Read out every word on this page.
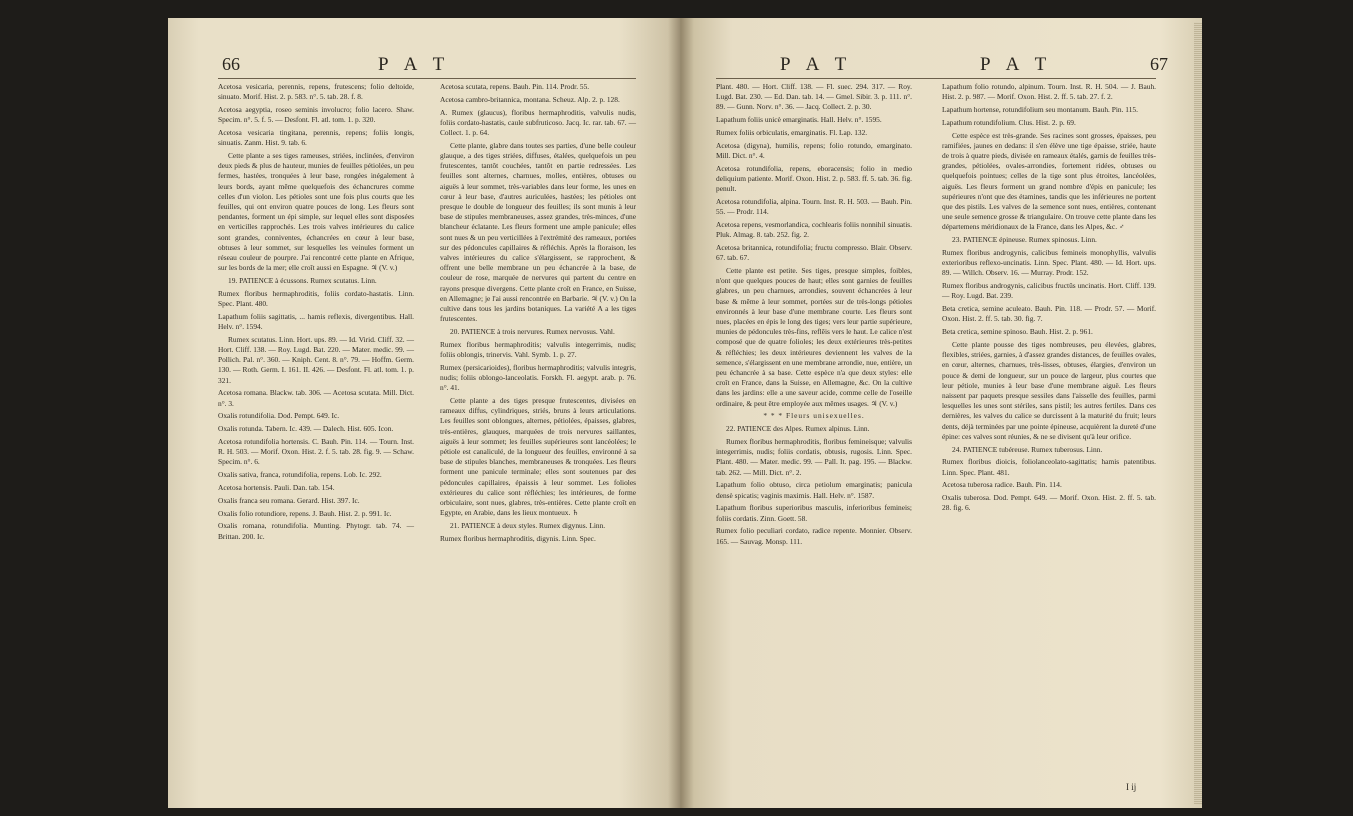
66	P A T

Acetosa vesicaria, perennis, repens, frutescens; folio deltoide, sinuato. Morif. Hist. 2. p. 583. n°. 5. tab. 28. f. 8.

Acetosa aegyptia, roseo seminis involucro; folio lacero. Shaw. Specim. n°. 5. f. 5. — Desfont. Fl. atl. tom. 1. p. 320.

Acetosa vesicaria tingitana, perennis, repens; foliis longis, sinuatis. Zanm. Hist. 9. tab. 6.

Cette plante a ses tiges rameuses, striées, inclinées, d'environ deux pieds & plus de hauteur, munies de feuilles pétiolées, un peu fermes, hastées, tronquées à leur base, rongées inégalement à leurs bords, ayant même quelquefois des échancrures comme celles d'un violon. Les pétioles sont une fois plus courts que les feuilles, qui ont environ quatre pouces de long. Les fleurs sont pendantes, forment un épi simple, sur lequel elles sont disposées en verticilles rapprochés. Les trois valves intérieures du calice sont grandes, conniventes, échancrées en cœur à leur base, obtuses à leur sommet, sur lesquelles les veinules forment un réseau couleur de pourpre. J'ai rencontré cette plante en Afrique, sur les bords de la mer; elle croît aussi en Espagne. ♃ (V. v.)

19. PATIENCE à écussons. Rumex scutatus. Linn.

Rumex floribus hermaphroditis, foliis cordato-hastatis. Linn. Spec. Plant. 480.

Lapathum foliis sagittatis, ... hamis reflexis, divergentibus. Hall. Helv. n°. 1594.

Rumex scutatus. Linn. Hort. ups. 89. — Id. Virid. Cliff. 32. — Hort. Cliff. 138. — Roy. Lugd. Bat. 220. — Mater. medic. 99. — Pollich. Pal. n°. 360. — Kniph. Cent. 8. n°. 79. — Hoffm. Germ. 130. — Roth. Germ. I. 161. II. 426. — Desfont. Fl. atl. tom. 1. p. 321.

Acetosa romana. Blackw. tab. 306. — Acetosa scutata. Mill. Dict. n°. 3.

Oxalis rotundifolia. Dod. Pempt. 649. Ic.

Oxalis rotunda. Tabern. Ic. 439. — Dalech. Hist. 605. Icon.

Acetosa rotundifolia hortensis. C. Bauh. Pin. 114. — Tourn. Inst. R. H. 503. — Morif. Oxon. Hist. 2. f. 5. tab. 28. fig. 9. — Schaw. Specim. n°. 6.

Oxalis sativa, franca, rotundifolia, repens. Lob. Ic. 292.

Acetosa hortensis. Pauli. Dan. tab. 154.

Oxalis franca seu romana. Gerard. Hist. 397. Ic.

Oxalis folio rotundiore, repens. J. Bauh. Hist. 2. p. 991. Ic.

Oxalis romana, rotundifolia. Munting. Phytogr. tab. 74. — Brittan. 200. Ic.

Acetosa scutata, repens. Bauh. Pin. 114. Prodr. 55.

Acetosa cambro-britannica, montana. Scheuz. Alp. 2. p. 128.

A. Rumex (glaucus), floribus hermaphroditis, valvulis nudis, foliis cordato-hastatis, caule subfruticoso. Jacq. Ic. rar. tab. 67. — Collect. 1. p. 64.

Cette plante, glabre dans toutes ses parties, d'une belle couleur glauque, a des tiges striées, diffuses, étalées, quelquefois un peu frutescentes, tantôt couchées, tantôt en partie redressées. Les feuilles sont alternes, charnues, molles, entières, obtuses ou aiguës à leur sommet, très-variables dans leur forme, les unes en cœur à leur base, d'autres auriculées, hastées; les pétioles ont presque le double de longueur des feuilles; ils sont munis à leur base de stipules membraneuses, assez grandes, très-minces, d'une blancheur éclatante. Les fleurs forment une ample panicule; elles sont nues & un peu verticillées à l'extrémité des rameaux, portées sur des pédoncules capillaires & réfléchis. Après la floraison, les valves intérieures du calice s'élargissent, se rapprochent, & offrent une belle membrane un peu échancrée à la base, de couleur de rose, marquée de nervures qui partent du centre en rayons presque divergens. Cette plante croît en France, en Suisse, en Allemagne; je l'ai aussi rencontrée en Barbarie. ♃ (V. v.) On la cultive dans tous les jardins botaniques. La variété A a les tiges frutescentes.

20. PATIENCE à trois nervures. Rumex nervosus. Vahl.

Rumex floribus hermaphroditis; valvulis integerrimis, nudis; foliis oblongis, trinervis. Vahl. Symb. 1. p. 27.

Rumex (persicarioides), floribus hermaphroditis; valvulis integris, nudis; foliis oblongo-lanceolatis. Forskh. Fl. aegypt. arab. p. 76. n°. 41.

Cette plante a des tiges presque frutescentes, divisées en rameaux diffus, cylindriques, striés, bruns à leurs articulations. Les feuilles sont oblongues, alternes, pétiolées, épaisses, glabres, très-entières, glauques, marquées de trois nervures saillantes, aiguës à leur sommet; les feuilles supérieures sont lancéolées; le pétiole est canaliculé, de la longueur des feuilles, environné à sa base de stipules blanches, membraneuses & tronquées. Les fleurs forment une panicule terminale; elles sont soutenues par des pédoncules capillaires, épaissis à leur sommet. Les folioles extérieures du calice sont réfléchies; les intérieures, de forme orbiculaire, sont nues, glabres, très-entières. Cette plante croît en Egypte, en Arabie, dans les lieux montueux. ♄

21. PATIENCE à deux styles. Rumex digynus. Linn.

Rumex floribus hermaphroditis, digynis. Linn. Spec.

P A T	P A T	67

Plant. 480. — Hort. Cliff. 138. — Fl. suec. 294. 317. — Roy. Lugd. Bat. 230. — Ed. Dan. tab. 14. — Gmel. Sibir. 3. p. 111. n°. 89. — Gunn. Norv. n°. 36. — Jacq. Collect. 2. p. 30.

Lapathum foliis unicè emarginatis. Hall. Helv. n°. 1595.

Rumex foliis orbiculatis, emarginatis. Fl. Lap. 132.

Acetosa (digyna), humilis, repens; folio rotundo, emarginato. Mill. Dict. n°. 4.

Acetosa rotundifolia, repens, eboracensis; folio in medio deliquium patiente. Morif. Oxon. Hist. 2. p. 583. ff. 5. tab. 36. fig. penult.

Acetosa rotundifolia, alpina. Tourn. Inst. R. H. 503. — Bauh. Pin. 55. — Prodr. 114.

Acetosa repens, vesmorlandica, cochlearis foliis nonnihil sinuatis. Pluk. Almag. 8. tab. 252. fig. 2.

Acetosa britannica, rotundifolia; fructu compresso. Blair. Observ. 67. tab. 67.

Cette plante est petite. Ses tiges, presque simples, foibles, n'ont que quelques pouces de haut; elles sont garnies de feuilles glabres, un peu charnues, arrondies, souvent échancrées à leur base & même à leur sommet, portées sur de très-longs pétioles environnés à leur base d'une membrane courte. Les fleurs sont nues, placées en épis le long des tiges; vers leur partie supérieure, munies de pédoncules très-fins, reflêis vers le haut. Le calice n'est composé que de quatre folioles; les deux extérieures très-petites & réfléchies; les deux intérieures deviennent les valves de la semence, s'élargissent en une membrane arrondie, nue, entière, un peu échancrée à sa base. Cette espèce n'a que deux styles: elle croît en France, dans la Suisse, en Allemagne, &c. On la cultive dans les jardins: elle a une saveur acide, comme celle de l'oseille ordinaire, & peut être employée aux mêmes usages. ♃ (V. v.)

* * * Fleurs unisexuelles.

22. PATIENCE des Alpes. Rumex alpinus. Linn.

Rumex floribus hermaphroditis, floribus femineisque; valvulis integerrimis, nudis; foliis cordatis, obtusis, rugosis. Linn. Spec. Plant. 480. — Mater. medic. 99. — Pall. It. pag. 195. — Blackw. tab. 262. — Mill. Dict. n°. 2.

Lapathum folio obtuso, circa petiolum emarginatis; panicula densè spicatis; vaginis maximis. Hall. Helv. n°. 1587.

Lapathum floribus superioribus masculis, inferioribus femineis; foliis cordatis. Zinn. Goett. 58.

Rumex folio peculiari cordato, radice repente. Monnier. Observ. 165. — Sauvag. Monsp. 111.

Lapathum folio rotundo, alpinum. Tourn. Inst. R. H. 504. — J. Bauh. Hist. 2. p. 987. — Morif. Oxon. Hist. 2. ff. 5. tab. 27. f. 2.

Lapathum hortense, rotundifolium seu montanum. Bauh. Pin. 115.

Lapathum rotundifolium. Clus. Hist. 2. p. 69.

Cette espèce est très-grande. Ses racines sont grosses, épaisses, peu ramifiées, jaunes en dedans: il s'en élève une tige épaisse, striée, haute de trois à quatre pieds, divisée en rameaux étalés, garnis de feuilles très-grandes, pétiolées, ovales-arrondies, fortement ridées, obtuses ou quelquefois pointues; celles de la tige sont plus étroites, lancéolées, aiguës. Les fleurs forment un grand nombre d'épis en panicule; les supérieures n'ont que des étamines, tandis que les inférieures ne portent que des pistils. Les valves de la semence sont nues, entières, contenant une seule semence grosse & triangulaire. On trouve cette plante dans les départemens méridionaux de la France, dans les Alpes, &c. ♂

23. PATIENCE épineuse. Rumex spinosus. Linn.

Rumex floribus androgynis, calicibus femineis monophyllis, valvulis exterioribus reflexo-uncinatis. Linn. Spec. Plant. 480. — Id. Hort. ups. 89. — Willch. Observ. 16. — Murray. Prodr. 152.

Rumex floribus androgynis, calicibus fructûs uncinatis. Hort. Cliff. 139. — Roy. Lugd. Bat. 239.

Beta cretica, semine aculeato. Bauh. Pin. 118. — Prodr. 57. — Morif. Oxon. Hist. 2. ff. 5. tab. 30. fig. 7.

Beta cretica, semine spinoso. Bauh. Hist. 2. p. 961.

Cette plante pousse des tiges nombreuses, peu élevées, glabres, flexibles, striées, garnies, à d'assez grandes distances, de feuilles ovales, en cœur, alternes, charnues, très-lisses, obtuses, élargies, d'environ un pouce & demi de longueur, sur un pouce de largeur, plus courtes que leur pétiole, munies à leur base d'une membrane aiguë. Les fleurs naissent par paquets presque sessiles dans l'aisselle des feuilles, parmi lesquelles les unes sont stériles, sans pistil; les autres fertiles. Dans ces dernières, les valves du calice se durcissent à la maturité du fruit; leurs dents, déjà terminées par une pointe épineuse, acquièrent la dureté d'une épine: ces valves sont réunies, & ne se divisent qu'à leur orifice.

24. PATIENCE tubéreuse. Rumex tuberosus. Linn.

Rumex floribus dioicis, foliolanceolato-sagittatis; hamis patentibus. Linn. Spec. Plant. 481.

Acetosa tuberosa radice. Bauh. Pin. 114.

Oxalis tuberosa. Dod. Pempt. 649. — Morif. Oxon. Hist. 2. ff. 5. tab. 28. fig. 6.

I ij
